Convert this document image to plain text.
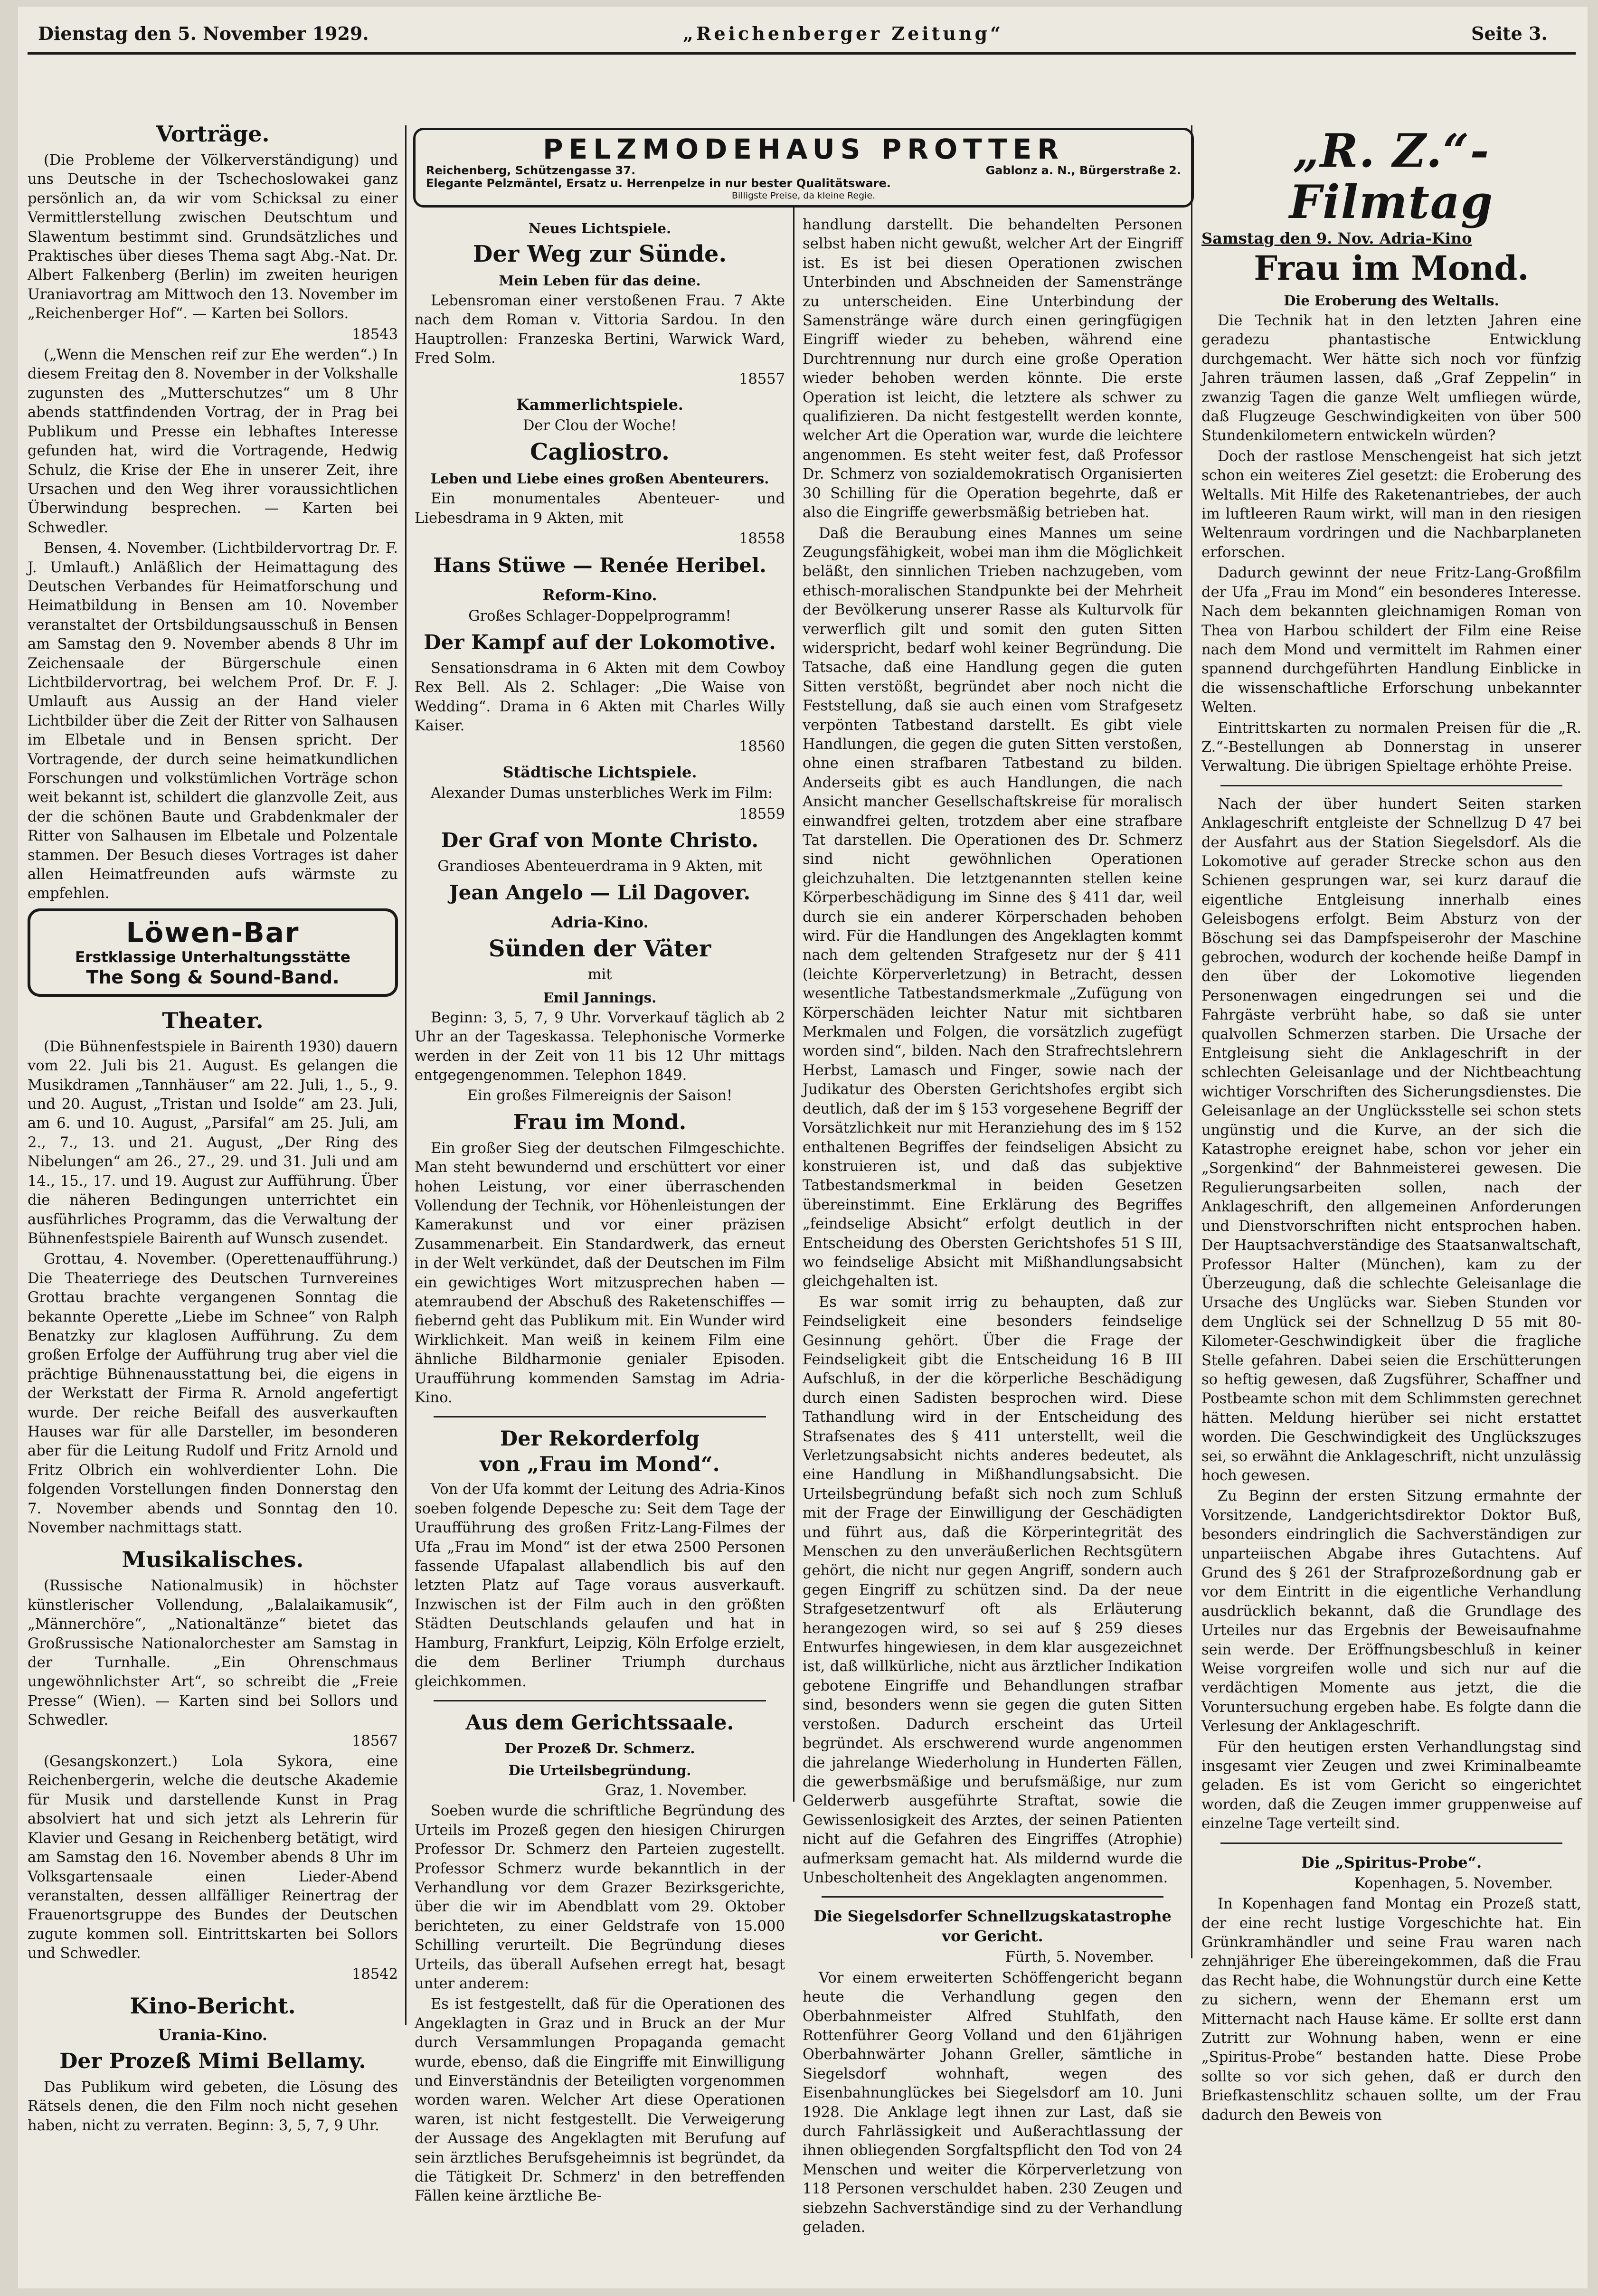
Dienstag den 5. November 1929.	„Reichenberger Zeitung“	Seite 3.
PELZMODEHAUS PROTTER
Reichenberg, Schützengasse 37.	Gablonz a. N., Bürgerstraße 2.
Elegante Pelzmäntel, Ersatz u. Herrenpelze in nur bester Qualitätsware.
Billigste Preise, da kleine Regie.
Vorträge.

(Die Probleme der Völkerverständigung) und uns Deutsche in der Tschechoslowakei ganz persönlich an, da wir vom Schicksal zu einer Vermittlerstellung zwischen Deutschtum und Slawentum bestimmt sind. Grundsätzliches und Praktisches über dieses Thema sagt Abg.-Nat. Dr. Albert Falkenberg (Berlin) im zweiten heurigen Uraniavortrag am Mittwoch den 13. November im „Reichenberger Hof“. — Karten bei Sollors.

18543

(„Wenn die Menschen reif zur Ehe werden“.) In diesem Freitag den 8. November in der Volkshalle zugunsten des „Mutterschutzes“ um 8 Uhr abends stattfindenden Vortrag, der in Prag bei Publikum und Presse ein lebhaftes Interesse gefunden hat, wird die Vortragende, Hedwig Schulz, die Krise der Ehe in unserer Zeit, ihre Ursachen und den Weg ihrer voraussichtlichen Überwindung besprechen. — Karten bei Schwedler.

Bensen, 4. November. (Lichtbildervortrag Dr. F. J. Umlauft.) Anläßlich der Heimattagung des Deutschen Verbandes für Heimatforschung und Heimatbildung in Bensen am 10. November veranstaltet der Ortsbildungsausschuß in Bensen am Samstag den 9. November abends 8 Uhr im Zeichensaale der Bürgerschule einen Lichtbildervortrag, bei welchem Prof. Dr. F. J. Umlauft aus Aussig an der Hand vieler Lichtbilder über die Zeit der Ritter von Salhausen im Elbetale und in Bensen spricht. Der Vortragende, der durch seine heimatkundlichen Forschungen und volkstümlichen Vorträge schon weit bekannt ist, schildert die glanzvolle Zeit, aus der die schönen Baute und Grabdenkmaler der Ritter von Salhausen im Elbetale und Polzentale stammen. Der Besuch dieses Vortrages ist daher allen Heimatfreunden aufs wärmste zu empfehlen.

Löwen-Bar
Erstklassige Unterhaltungsstätte
The Song & Sound-Band.
Theater.

(Die Bühnenfestspiele in Bairenth 1930) dauern vom 22. Juli bis 21. August. Es gelangen die Musikdramen „Tannhäuser“ am 22. Juli, 1., 5., 9. und 20. August, „Tristan und Isolde“ am 23. Juli, am 6. und 10. August, „Parsifal“ am 25. Juli, am 2., 7., 13. und 21. August, „Der Ring des Nibelungen“ am 26., 27., 29. und 31. Juli und am 14., 15., 17. und 19. August zur Aufführung. Über die näheren Bedingungen unterrichtet ein ausführliches Programm, das die Verwaltung der Bühnenfestspiele Bairenth auf Wunsch zusendet.

Grottau, 4. November. (Operettenaufführung.) Die Theaterriege des Deutschen Turnvereines Grottau brachte vergangenen Sonntag die bekannte Operette „Liebe im Schnee“ von Ralph Benatzky zur klaglosen Aufführung. Zu dem großen Erfolge der Aufführung trug aber viel die prächtige Bühnenausstattung bei, die eigens in der Werkstatt der Firma R. Arnold angefertigt wurde. Der reiche Beifall des ausverkauften Hauses war für alle Darsteller, im besonderen aber für die Leitung Rudolf und Fritz Arnold und Fritz Olbrich ein wohlverdienter Lohn. Die folgenden Vorstellungen finden Donnerstag den 7. November abends und Sonntag den 10. November nachmittags statt.

Musikalisches.

(Russische Nationalmusik) in höchster künstlerischer Vollendung, „Balalaikamusik“, „Männerchöre“, „Nationaltänze“ bietet das Großrussische Nationalorchester am Samstag in der Turnhalle. „Ein Ohrenschmaus ungewöhnlichster Art“, so schreibt die „Freie Presse“ (Wien). — Karten sind bei Sollors und Schwedler.

18567

(Gesangskonzert.) Lola Sykora, eine Reichenbergerin, welche die deutsche Akademie für Musik und darstellende Kunst in Prag absolviert hat und sich jetzt als Lehrerin für Klavier und Gesang in Reichenberg betätigt, wird am Samstag den 16. November abends 8 Uhr im Volksgartensaale einen Lieder-Abend veranstalten, dessen allfälliger Reinertrag der Frauenortsgruppe des Bundes der Deutschen zugute kommen soll. Eintrittskarten bei Sollors und Schwedler.

18542

Kino-Bericht.
Urania-Kino.
Der Prozeß Mimi Bellamy.

Das Publikum wird gebeten, die Lösung des Rätsels denen, die den Film noch nicht gesehen haben, nicht zu verraten. Beginn: 3, 5, 7, 9 Uhr.

Neues Lichtspiele.
Der Weg zur Sünde.
Mein Leben für das deine.

Lebensroman einer verstoßenen Frau. 7 Akte nach dem Roman v. Vittoria Sardou. In den Hauptrollen: Franzeska Bertini, Warwick Ward, Fred Solm.

18557

Kammerlichtspiele.

Der Clou der Woche!

Cagliostro.
Leben und Liebe eines großen Abenteurers.

Ein monumentales Abenteuer- und Liebesdrama in 9 Akten, mit

18558

Hans Stüwe — Renée Heribel.
Reform-Kino.

Großes Schlager-Doppelprogramm!

Der Kampf auf der Lokomotive.

Sensationsdrama in 6 Akten mit dem Cowboy Rex Bell. Als 2. Schlager: „Die Waise von Wedding“. Drama in 6 Akten mit Charles Willy Kaiser.

18560

Städtische Lichtspiele.

Alexander Dumas unsterbliches Werk im Film:

18559

Der Graf von Monte Christo.

Grandioses Abenteuerdrama in 9 Akten, mit

Jean Angelo — Lil Dagover.
Adria-Kino.
Sünden der Väter

mit

Emil Jannings.

Beginn: 3, 5, 7, 9 Uhr. Vorverkauf täglich ab 2 Uhr an der Tageskassa. Telephonische Vormerke werden in der Zeit von 11 bis 12 Uhr mittags entgegengenommen. Telephon 1849.

Ein großes Filmereignis der Saison!

Frau im Mond.

Ein großer Sieg der deutschen Filmgeschichte. Man steht bewundernd und erschüttert vor einer hohen Leistung, vor einer überraschenden Vollendung der Technik, vor Höhenleistungen der Kamerakunst und vor einer präzisen Zusammenarbeit. Ein Standardwerk, das erneut in der Welt verkündet, daß der Deutschen im Film ein gewichtiges Wort mitzusprechen haben — atemraubend der Abschuß des Raketenschiffes — fiebernd geht das Publikum mit. Ein Wunder wird Wirklichkeit. Man weiß in keinem Film eine ähnliche Bildharmonie genialer Episoden. Uraufführung kommenden Samstag im Adria-Kino.

Der Rekorderfolg
von „Frau im Mond“.

Von der Ufa kommt der Leitung des Adria-Kinos soeben folgende Depesche zu: Seit dem Tage der Uraufführung des großen Fritz-Lang-Filmes der Ufa „Frau im Mond“ ist der etwa 2500 Personen fassende Ufapalast allabendlich bis auf den letzten Platz auf Tage voraus ausverkauft. Inzwischen ist der Film auch in den größten Städten Deutschlands gelaufen und hat in Hamburg, Frankfurt, Leipzig, Köln Erfolge erzielt, die dem Berliner Triumph durchaus gleichkommen.

Aus dem Gerichtssaale.
Der Prozeß Dr. Schmerz.
Die Urteilsbegründung.

Graz, 1. November.

Soeben wurde die schriftliche Begründung des Urteils im Prozeß gegen den hiesigen Chirurgen Professor Dr. Schmerz den Parteien zugestellt. Professor Schmerz wurde bekanntlich in der Verhandlung vor dem Grazer Bezirksgerichte, über die wir im Abendblatt vom 29. Oktober berichteten, zu einer Geldstrafe von 15.000 Schilling verurteilt. Die Begründung dieses Urteils, das überall Aufsehen erregt hat, besagt unter anderem:

Es ist festgestellt, daß für die Operationen des Angeklagten in Graz und in Bruck an der Mur durch Versammlungen Propaganda gemacht wurde, ebenso, daß die Eingriffe mit Einwilligung und Einverständnis der Beteiligten vorgenommen worden waren. Welcher Art diese Operationen waren, ist nicht festgestellt. Die Verweigerung der Aussage des Angeklagten mit Berufung auf sein ärztliches Berufsgeheimnis ist begründet, da die Tätigkeit Dr. Schmerz' in den betreffenden Fällen keine ärztliche Be-

handlung darstellt. Die behandelten Personen selbst haben nicht gewußt, welcher Art der Eingriff ist. Es ist bei diesen Operationen zwischen Unterbinden und Abschneiden der Samenstränge zu unterscheiden. Eine Unterbindung der Samenstränge wäre durch einen geringfügigen Eingriff wieder zu beheben, während eine Durchtrennung nur durch eine große Operation wieder behoben werden könnte. Die erste Operation ist leicht, die letztere als schwer zu qualifizieren. Da nicht festgestellt werden konnte, welcher Art die Operation war, wurde die leichtere angenommen. Es steht weiter fest, daß Professor Dr. Schmerz von sozialdemokratisch Organisierten 30 Schilling für die Operation begehrte, daß er also die Eingriffe gewerbsmäßig betrieben hat.

Daß die Beraubung eines Mannes um seine Zeugungsfähigkeit, wobei man ihm die Möglichkeit beläßt, den sinnlichen Trieben nachzugeben, vom ethisch-moralischen Standpunkte bei der Mehrheit der Bevölkerung unserer Rasse als Kulturvolk für verwerflich gilt und somit den guten Sitten widerspricht, bedarf wohl keiner Begründung. Die Tatsache, daß eine Handlung gegen die guten Sitten verstößt, begründet aber noch nicht die Feststellung, daß sie auch einen vom Strafgesetz verpönten Tatbestand darstellt. Es gibt viele Handlungen, die gegen die guten Sitten verstoßen, ohne einen strafbaren Tatbestand zu bilden. Anderseits gibt es auch Handlungen, die nach Ansicht mancher Gesellschaftskreise für moralisch einwandfrei gelten, trotzdem aber eine strafbare Tat darstellen. Die Operationen des Dr. Schmerz sind nicht gewöhnlichen Operationen gleichzuhalten. Die letztgenannten stellen keine Körperbeschädigung im Sinne des § 411 dar, weil durch sie ein anderer Körperschaden behoben wird. Für die Handlungen des Angeklagten kommt nach dem geltenden Strafgesetz nur der § 411 (leichte Körperverletzung) in Betracht, dessen wesentliche Tatbestandsmerkmale „Zufügung von Körperschäden leichter Natur mit sichtbaren Merkmalen und Folgen, die vorsätzlich zugefügt worden sind“, bilden. Nach den Strafrechtslehrern Herbst, Lamasch und Finger, sowie nach der Judikatur des Obersten Gerichtshofes ergibt sich deutlich, daß der im § 153 vorgesehene Begriff der Vorsätzlichkeit nur mit Heranziehung des im § 152 enthaltenen Begriffes der feindseligen Absicht zu konstruieren ist, und daß das subjektive Tatbestandsmerkmal in beiden Gesetzen übereinstimmt. Eine Erklärung des Begriffes „feindselige Absicht“ erfolgt deutlich in der Entscheidung des Obersten Gerichtshofes 51 S III, wo feindselige Absicht mit Mißhandlungsabsicht gleichgehalten ist.

Es war somit irrig zu behaupten, daß zur Feindseligkeit eine besonders feindselige Gesinnung gehört. Über die Frage der Feindseligkeit gibt die Entscheidung 16 B III Aufschluß, in der die körperliche Beschädigung durch einen Sadisten besprochen wird. Diese Tathandlung wird in der Entscheidung des Strafsenates des § 411 unterstellt, weil die Verletzungsabsicht nichts anderes bedeutet, als eine Handlung in Mißhandlungsabsicht. Die Urteilsbegründung befaßt sich noch zum Schluß mit der Frage der Einwilligung der Geschädigten und führt aus, daß die Körperintegrität des Menschen zu den unveräußerlichen Rechtsgütern gehört, die nicht nur gegen Angriff, sondern auch gegen Eingriff zu schützen sind. Da der neue Strafgesetzentwurf oft als Erläuterung herangezogen wird, so sei auf § 259 dieses Entwurfes hingewiesen, in dem klar ausgezeichnet ist, daß willkürliche, nicht aus ärztlicher Indikation gebotene Eingriffe und Behandlungen strafbar sind, besonders wenn sie gegen die guten Sitten verstoßen. Dadurch erscheint das Urteil begründet. Als erschwerend wurde angenommen die jahrelange Wiederholung in Hunderten Fällen, die gewerbsmäßige und berufsmäßige, nur zum Gelderwerb ausgeführte Straftat, sowie die Gewissenlosigkeit des Arztes, der seinen Patienten nicht auf die Gefahren des Eingriffes (Atrophie) aufmerksam gemacht hat. Als mildernd wurde die Unbescholtenheit des Angeklagten angenommen.

Die Siegelsdorfer Schnellzugskatastrophe vor Gericht.

Fürth, 5. November.

Vor einem erweiterten Schöffengericht begann heute die Verhandlung gegen den Oberbahnmeister Alfred Stuhlfath, den Rottenführer Georg Volland und den 61jährigen Oberbahnwärter Johann Greller, sämtliche in Siegelsdorf wohnhaft, wegen des Eisenbahnunglückes bei Siegelsdorf am 10. Juni 1928. Die Anklage legt ihnen zur Last, daß sie durch Fahrlässigkeit und Außerachtlassung der ihnen obliegenden Sorgfaltspflicht den Tod von 24 Menschen und weiter die Körperverletzung von 118 Personen verschuldet haben. 230 Zeugen und siebzehn Sachverständige sind zu der Verhandlung geladen.

„R. Z.“-Filmtag
Samstag den 9. Nov. Adria-Kino
Frau im Mond.
Die Eroberung des Weltalls.

Die Technik hat in den letzten Jahren eine geradezu phantastische Entwicklung durchgemacht. Wer hätte sich noch vor fünfzig Jahren träumen lassen, daß „Graf Zeppelin“ in zwanzig Tagen die ganze Welt umfliegen würde, daß Flugzeuge Geschwindigkeiten von über 500 Stundenkilometern entwickeln würden?

Doch der rastlose Menschengeist hat sich jetzt schon ein weiteres Ziel gesetzt: die Eroberung des Weltalls. Mit Hilfe des Raketenantriebes, der auch im luftleeren Raum wirkt, will man in den riesigen Weltenraum vordringen und die Nachbarplaneten erforschen.

Dadurch gewinnt der neue Fritz-Lang-Großfilm der Ufa „Frau im Mond“ ein besonderes Interesse. Nach dem bekannten gleichnamigen Roman von Thea von Harbou schildert der Film eine Reise nach dem Mond und vermittelt im Rahmen einer spannend durchgeführten Handlung Einblicke in die wissenschaftliche Erforschung unbekannter Welten.

Eintrittskarten zu normalen Preisen für die „R. Z.“-Bestellungen ab Donnerstag in unserer Verwaltung. Die übrigen Spieltage erhöhte Preise.

Nach der über hundert Seiten starken Anklageschrift entgleiste der Schnellzug D 47 bei der Ausfahrt aus der Station Siegelsdorf. Als die Lokomotive auf gerader Strecke schon aus den Schienen gesprungen war, sei kurz darauf die eigentliche Entgleisung innerhalb eines Geleisbogens erfolgt. Beim Absturz von der Böschung sei das Dampfspeiserohr der Maschine gebrochen, wodurch der kochende heiße Dampf in den über der Lokomotive liegenden Personenwagen eingedrungen sei und die Fahrgäste verbrüht habe, so daß sie unter qualvollen Schmerzen starben. Die Ursache der Entgleisung sieht die Anklageschrift in der schlechten Geleisanlage und der Nichtbeachtung wichtiger Vorschriften des Sicherungsdienstes. Die Geleisanlage an der Unglücksstelle sei schon stets ungünstig und die Kurve, an der sich die Katastrophe ereignet habe, schon vor jeher ein „Sorgenkind“ der Bahnmeisterei gewesen. Die Regulierungsarbeiten sollen, nach der Anklageschrift, den allgemeinen Anforderungen und Dienstvorschriften nicht entsprochen haben. Der Hauptsachverständige des Staatsanwaltschaft, Professor Halter (München), kam zu der Überzeugung, daß die schlechte Geleisanlage die Ursache des Unglücks war. Sieben Stunden vor dem Unglück sei der Schnellzug D 55 mit 80-Kilometer-Geschwindigkeit über die fragliche Stelle gefahren. Dabei seien die Erschütterungen so heftig gewesen, daß Zugsführer, Schaffner und Postbeamte schon mit dem Schlimmsten gerechnet hätten. Meldung hierüber sei nicht erstattet worden. Die Geschwindigkeit des Unglückszuges sei, so erwähnt die Anklageschrift, nicht unzulässig hoch gewesen.

Zu Beginn der ersten Sitzung ermahnte der Vorsitzende, Landgerichtsdirektor Doktor Buß, besonders eindringlich die Sachverständigen zur unparteiischen Abgabe ihres Gutachtens. Auf Grund des § 261 der Strafprozeßordnung gab er vor dem Eintritt in die eigentliche Verhandlung ausdrücklich bekannt, daß die Grundlage des Urteiles nur das Ergebnis der Beweisaufnahme sein werde. Der Eröffnungsbeschluß in keiner Weise vorgreifen wolle und sich nur auf die verdächtigen Momente aus jetzt, die die Voruntersuchung ergeben habe. Es folgte dann die Verlesung der Anklageschrift.

Für den heutigen ersten Verhandlungstag sind insgesamt vier Zeugen und zwei Kriminalbeamte geladen. Es ist vom Gericht so eingerichtet worden, daß die Zeugen immer gruppenweise auf einzelne Tage verteilt sind.

Die „Spiritus-Probe“.

Kopenhagen, 5. November.

In Kopenhagen fand Montag ein Prozeß statt, der eine recht lustige Vorgeschichte hat. Ein Grünkramhändler und seine Frau waren nach zehnjähriger Ehe übereingekommen, daß die Frau das Recht habe, die Wohnungstür durch eine Kette zu sichern, wenn der Ehemann erst um Mitternacht nach Hause käme. Er sollte erst dann Zutritt zur Wohnung haben, wenn er eine „Spiritus-Probe“ bestanden hatte. Diese Probe sollte so vor sich gehen, daß er durch den Briefkastenschlitz schauen sollte, um der Frau dadurch den Beweis von
